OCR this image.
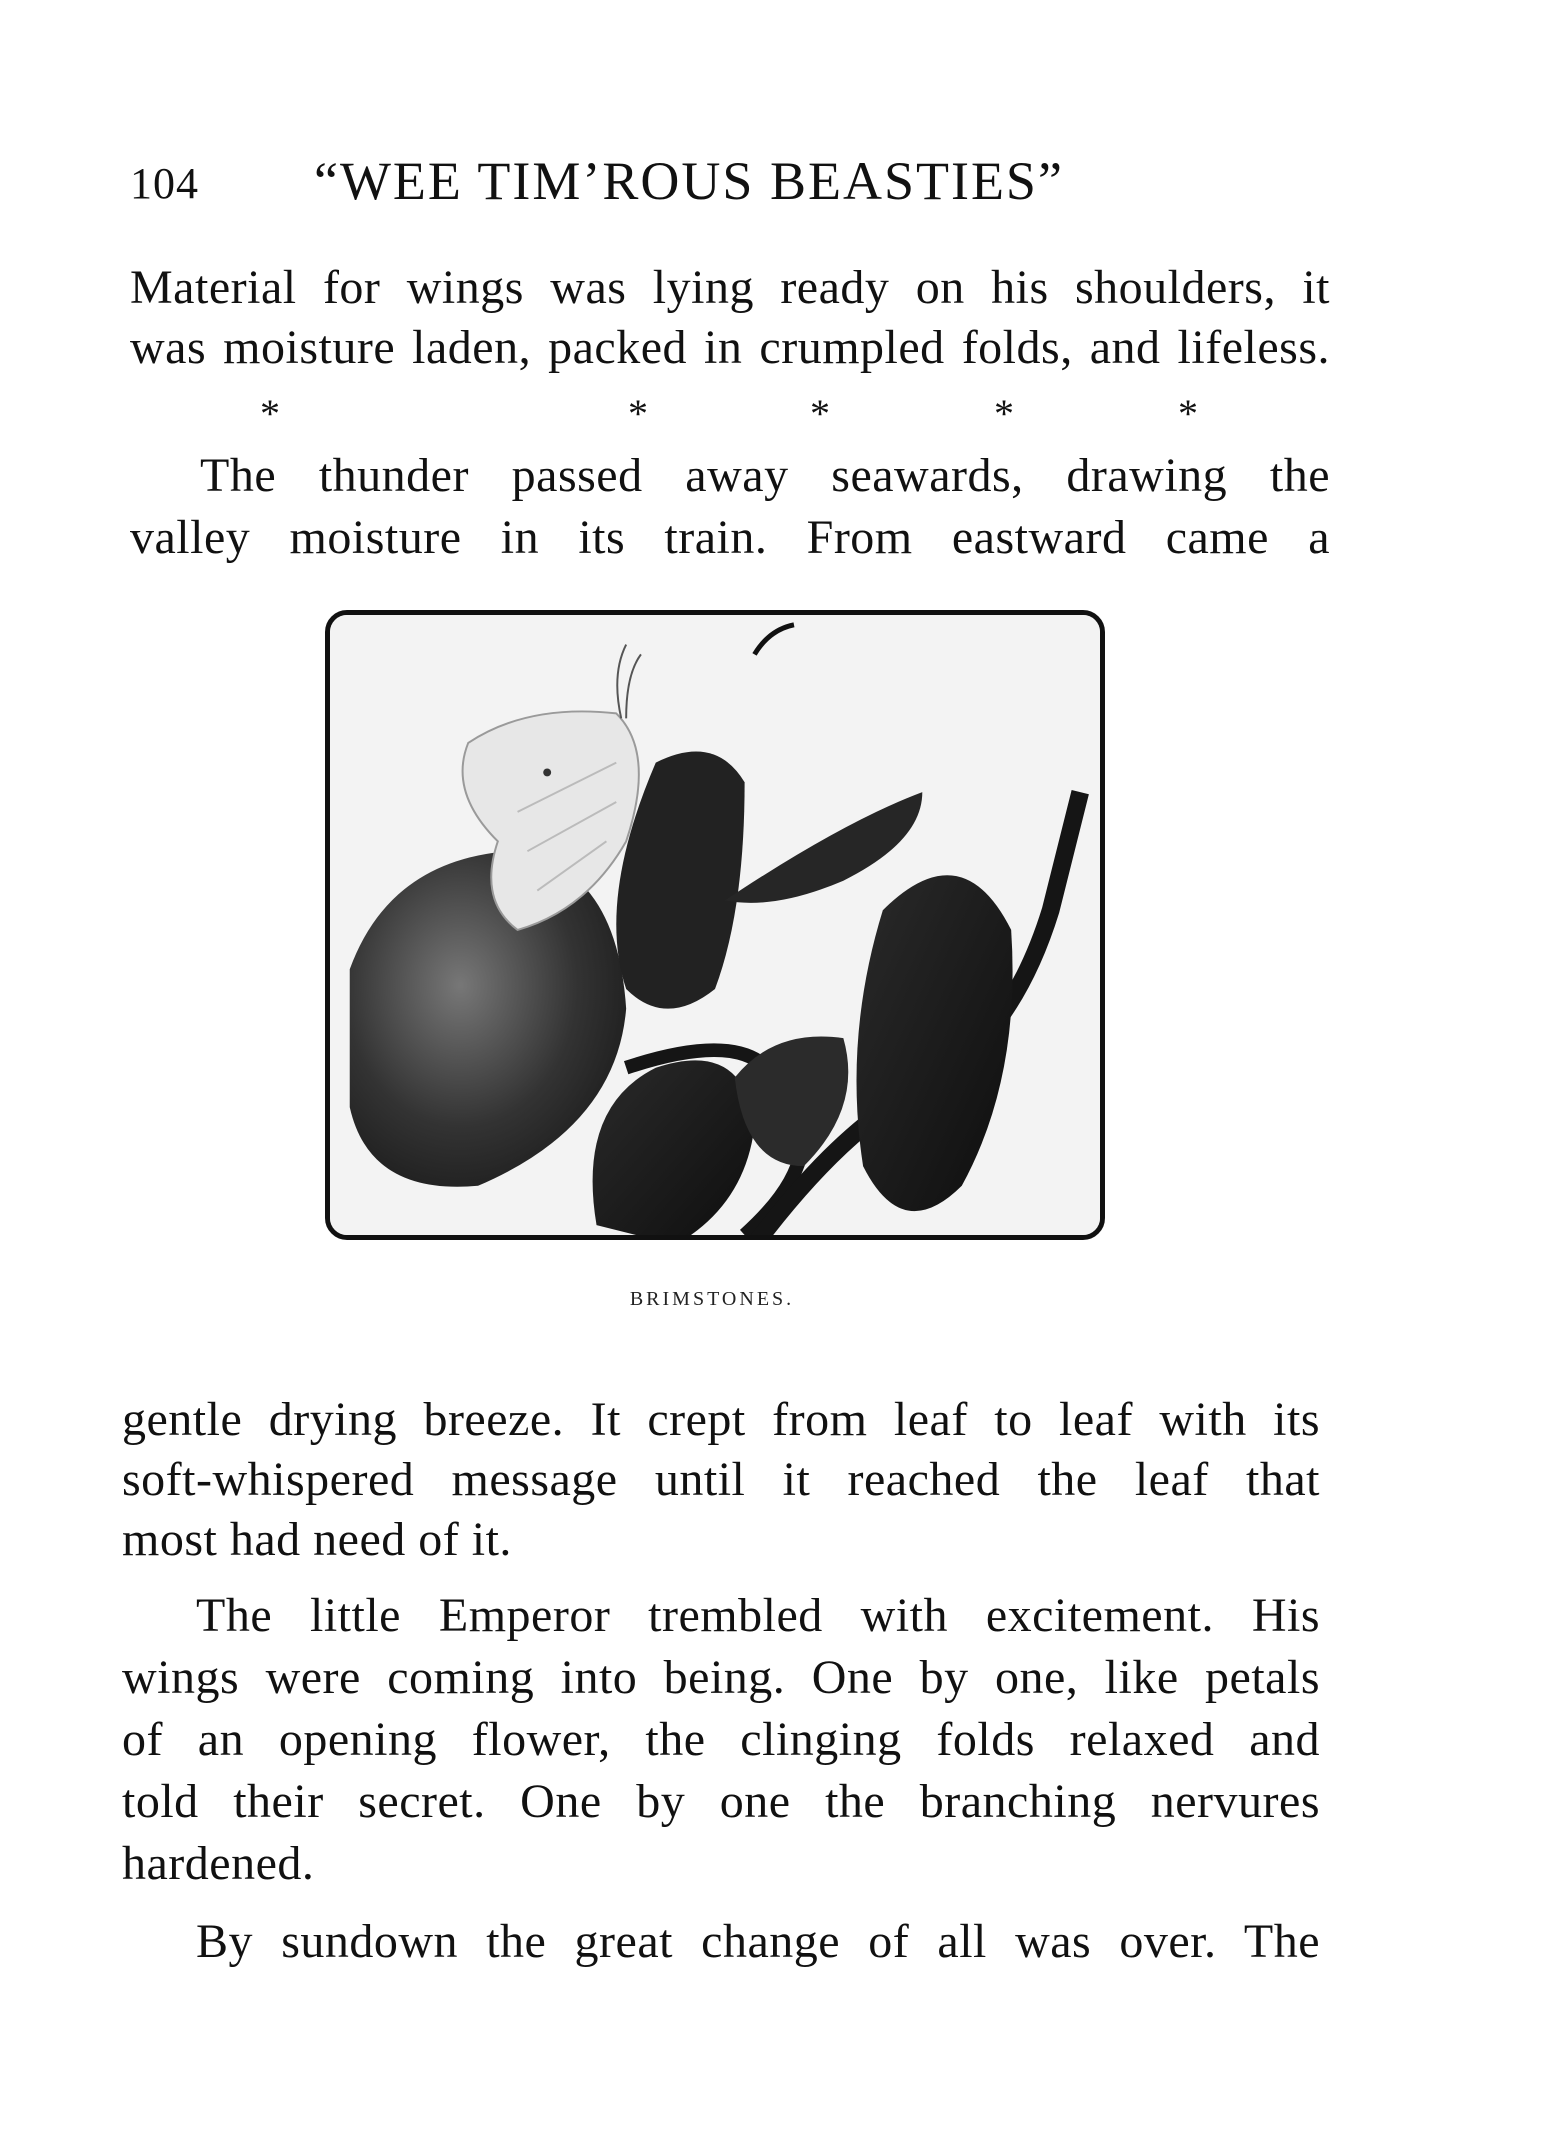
104 “WEE TIM’ROUS BEASTIES”
Material for wings was lying ready on his shoulders, it
was moisture laden, packed in crumpled folds, and lifeless.
*	*	*	*	*
The thunder passed away seawards, drawing the
valley moisture in its train. From eastward came a
BRIMSTONES.
gentle drying breeze. It crept from leaf to leaf with its
soft-whispered message until it reached the leaf that
most had need of it.
The little Emperor trembled with excitement. His
wings were coming into being. One by one, like petals
of an opening flower, the clinging folds relaxed and
told their secret. One by one the branching nervures
hardened.
By sundown the great change of all was over. The
